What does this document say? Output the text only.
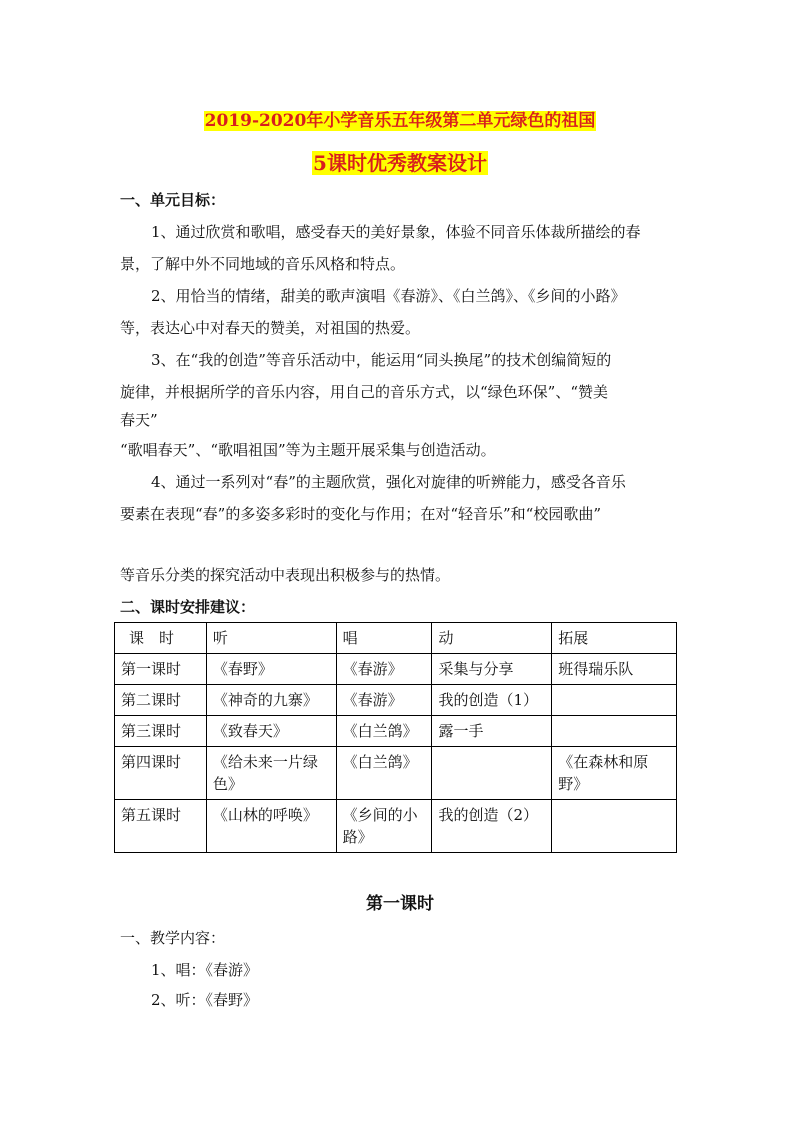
2019-2020年小学音乐五年级第二单元绿色的祖国
5课时优秀教案设计
一、单元目标：
1、通过欣赏和歌唱，感受春天的美好景象，体验不同音乐体裁所描绘的春
景，了解中外不同地域的音乐风格和特点。
2、用恰当的情绪，甜美的歌声演唱《春游》、《白兰鸽》、《乡间的小路》
等，表达心中对春天的赞美，对祖国的热爱。
3、在“我的创造”等音乐活动中，能运用“同头换尾”的技术创编简短的
旋律，并根据所学的音乐内容，用自己的音乐方式，以“绿色环保”、“赞美
春天”
“歌唱春天”、“歌唱祖国”等为主题开展采集与创造活动。
4、通过一系列对“春”的主题欣赏，强化对旋律的听辨能力，感受各音乐
要素在表现“春”的多姿多彩时的变化与作用；在对“轻音乐”和“校园歌曲”
等音乐分类的探究活动中表现出积极参与的热情。
二、课时安排建议：
课　时	听	唱	动	拓展
第一课时	《春野》	《春游》	采集与分享	班得瑞乐队
第二课时	《神奇的九寨》	《春游》	我的创造（1）	
第三课时	《致春天》	《白兰鸽》	露一手	
第四课时	《给未来一片绿色》	《白兰鸽》		《在森林和原野》
第五课时	《山林的呼唤》	《乡间的小路》	我的创造（2）	
第一课时
一、教学内容：
1、唱：《春游》
2、听：《春野》
